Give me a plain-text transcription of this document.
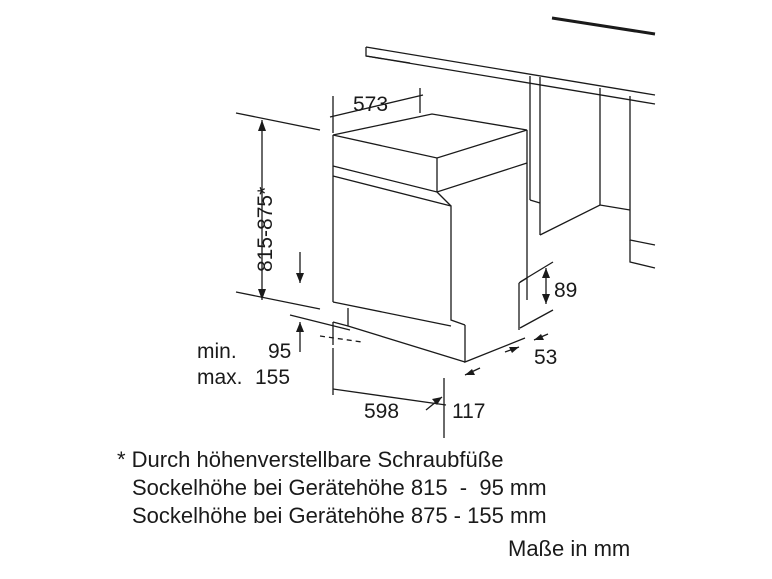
573
815-875*
89
53
min. 95
max. 155
598	117
* Durch höhenverstellbare Schraubfüße
Sockelhöhe bei Gerätehöhe 815  -  95 mm
Sockelhöhe bei Gerätehöhe 875 - 155 mm
Maße in mm
